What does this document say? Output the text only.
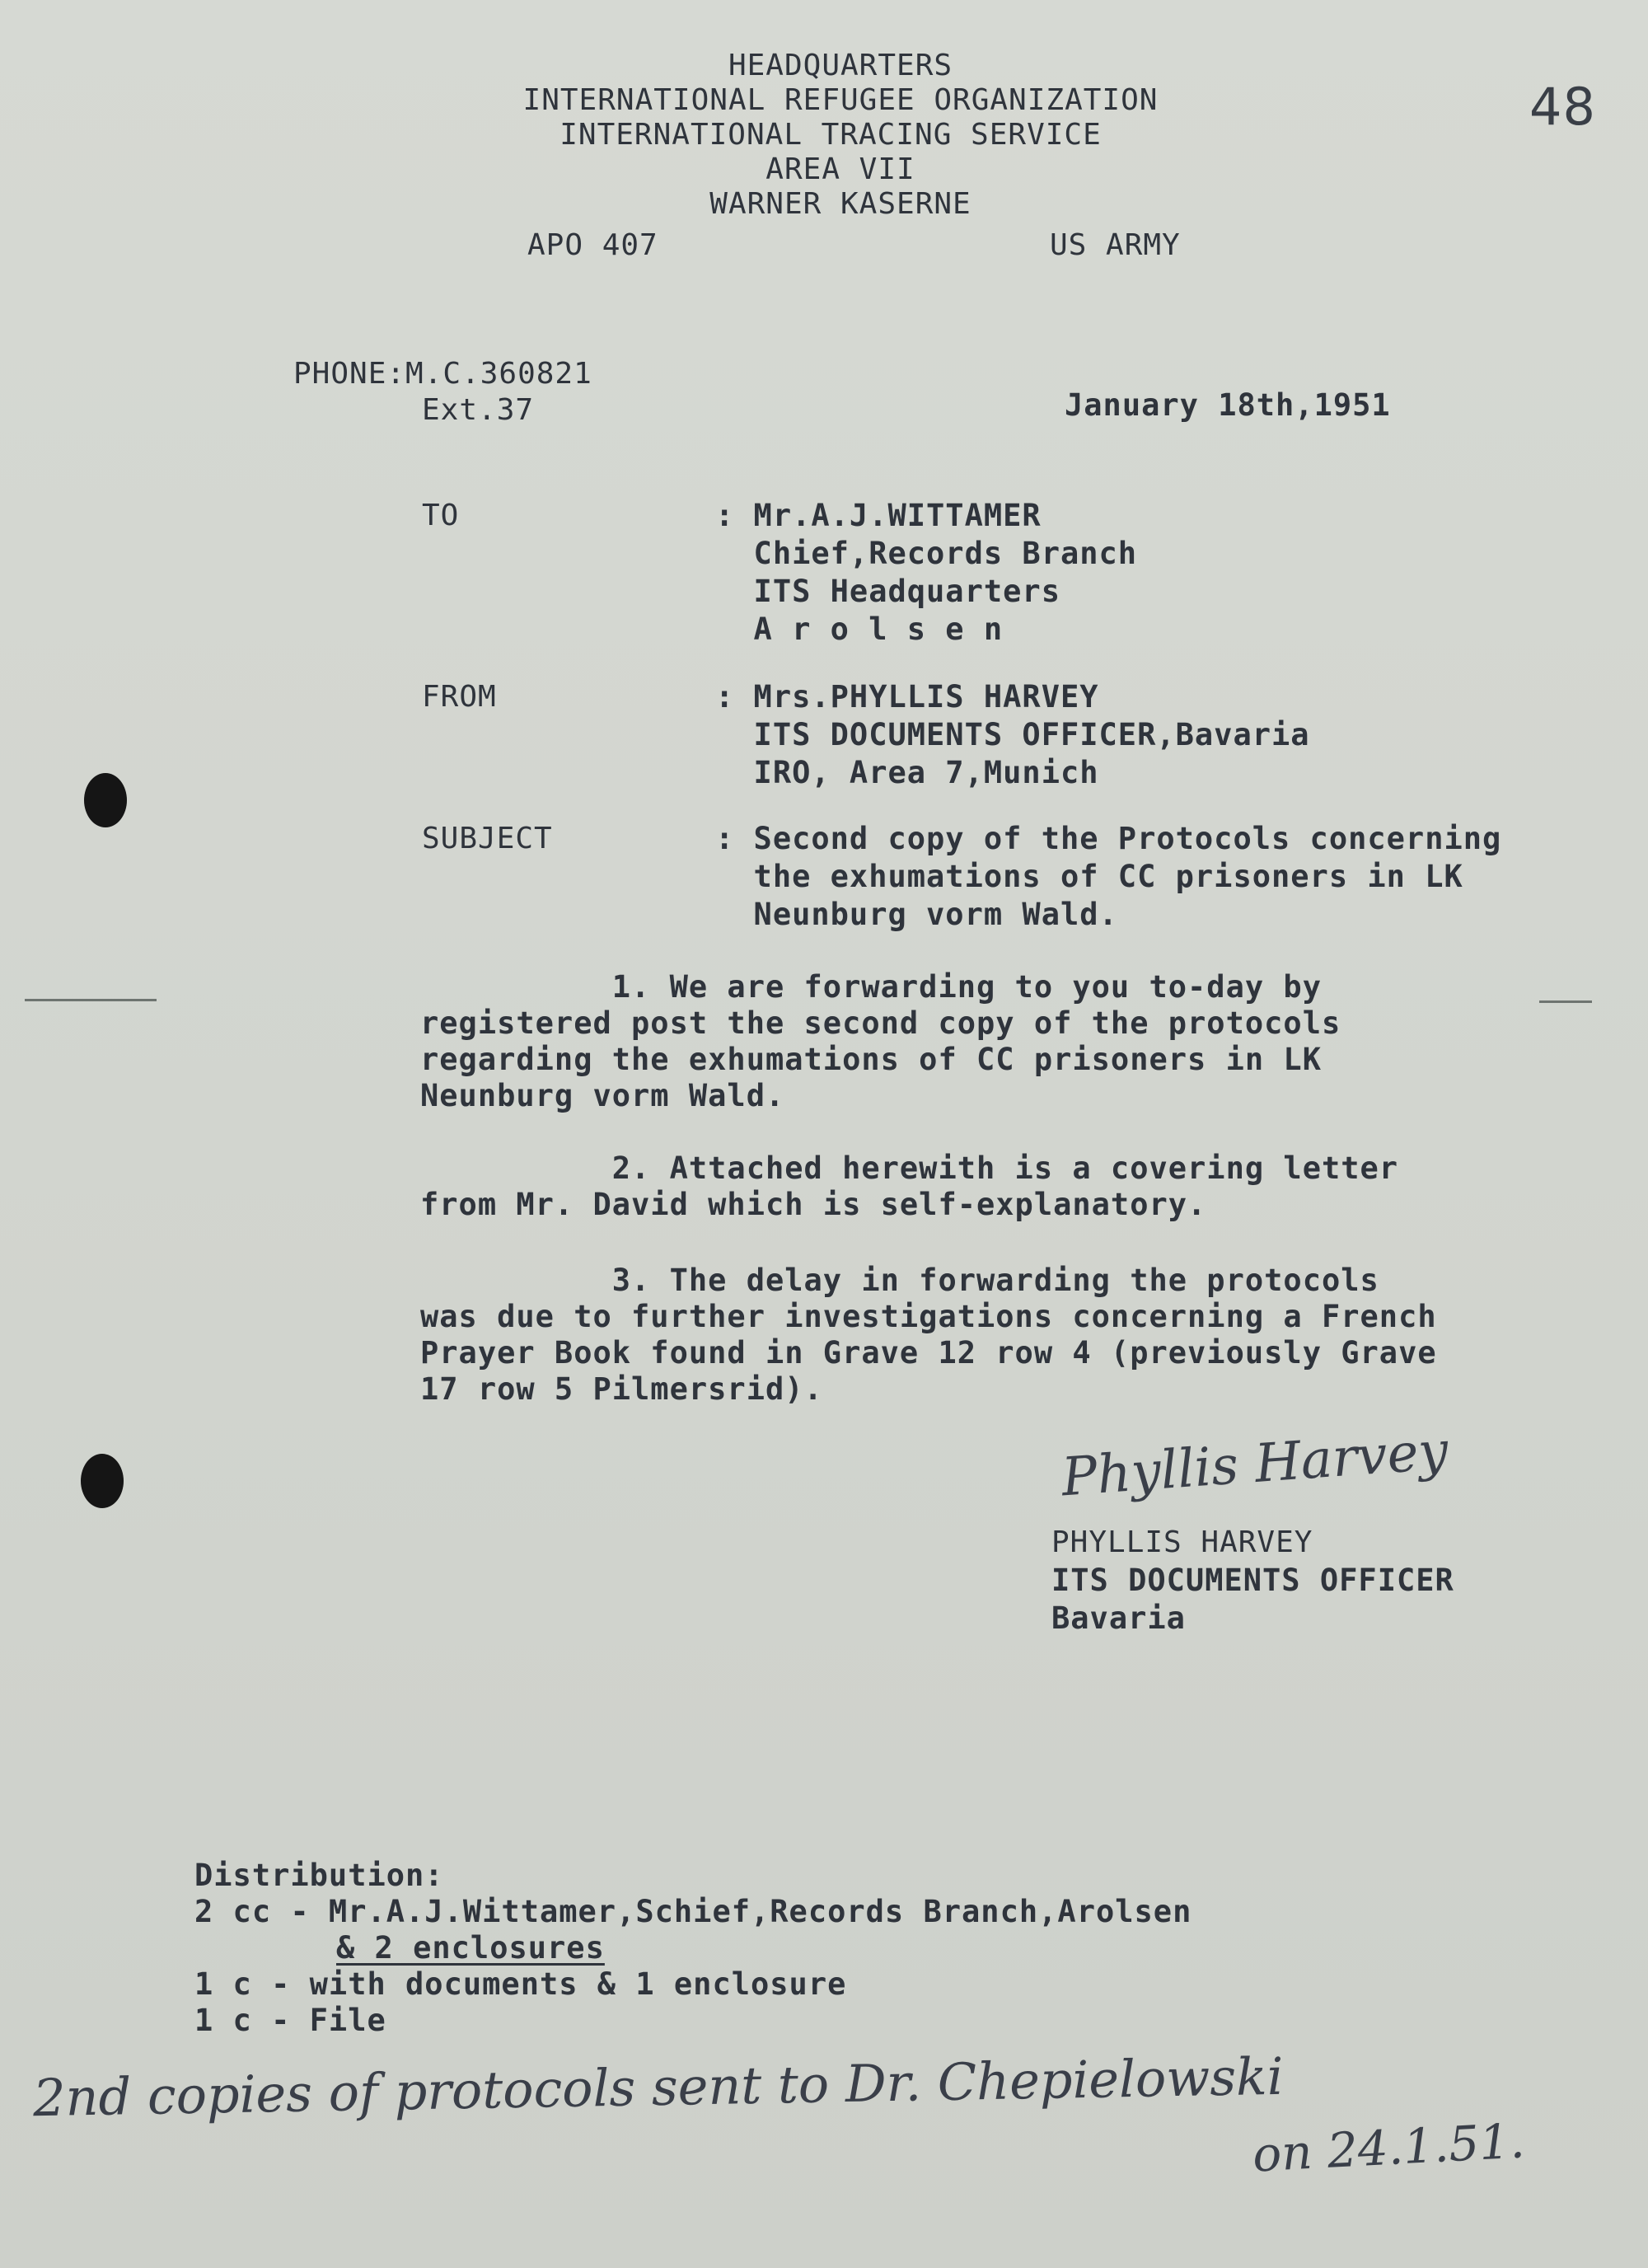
48
HEADQUARTERS
INTERNATIONAL REFUGEE ORGANIZATION
INTERNATIONAL TRACING SERVICE
AREA VII
WARNER KASERNE
APO 407	US ARMY
PHONE:M.C.360821
Ext.37	January 18th,1951
TO	: Mr.A.J.WITTAMER
Chief,Records Branch
ITS Headquarters
A r o l s e n
FROM	: Mrs.PHYLLIS HARVEY
ITS DOCUMENTS OFFICER,Bavaria
IRO, Area 7,Munich
SUBJECT	: Second copy of the Protocols concerning
the exhumations of CC prisoners in LK
Neunburg vorm Wald.
1. We are forwarding to you to-day by
registered post the second copy of the protocols
regarding the exhumations of CC prisoners in LK
Neunburg vorm Wald.
2. Attached herewith is a covering letter
from Mr. David which is self-explanatory.
3. The delay in forwarding the protocols
was due to further investigations concerning a French
Prayer Book found in Grave 12 row 4 (previously Grave
17 row 5 Pilmersrid).
Phyllis Harvey
PHYLLIS HARVEY
ITS DOCUMENTS OFFICER
Bavaria
Distribution:
2 cc - Mr.A.J.Wittamer,Schief,Records Branch,Arolsen
& 2 enclosures
1 c - with documents & 1 enclosure
1 c - File
2nd copies of protocols sent to Dr. Chepielowski
on 24.1.51.
